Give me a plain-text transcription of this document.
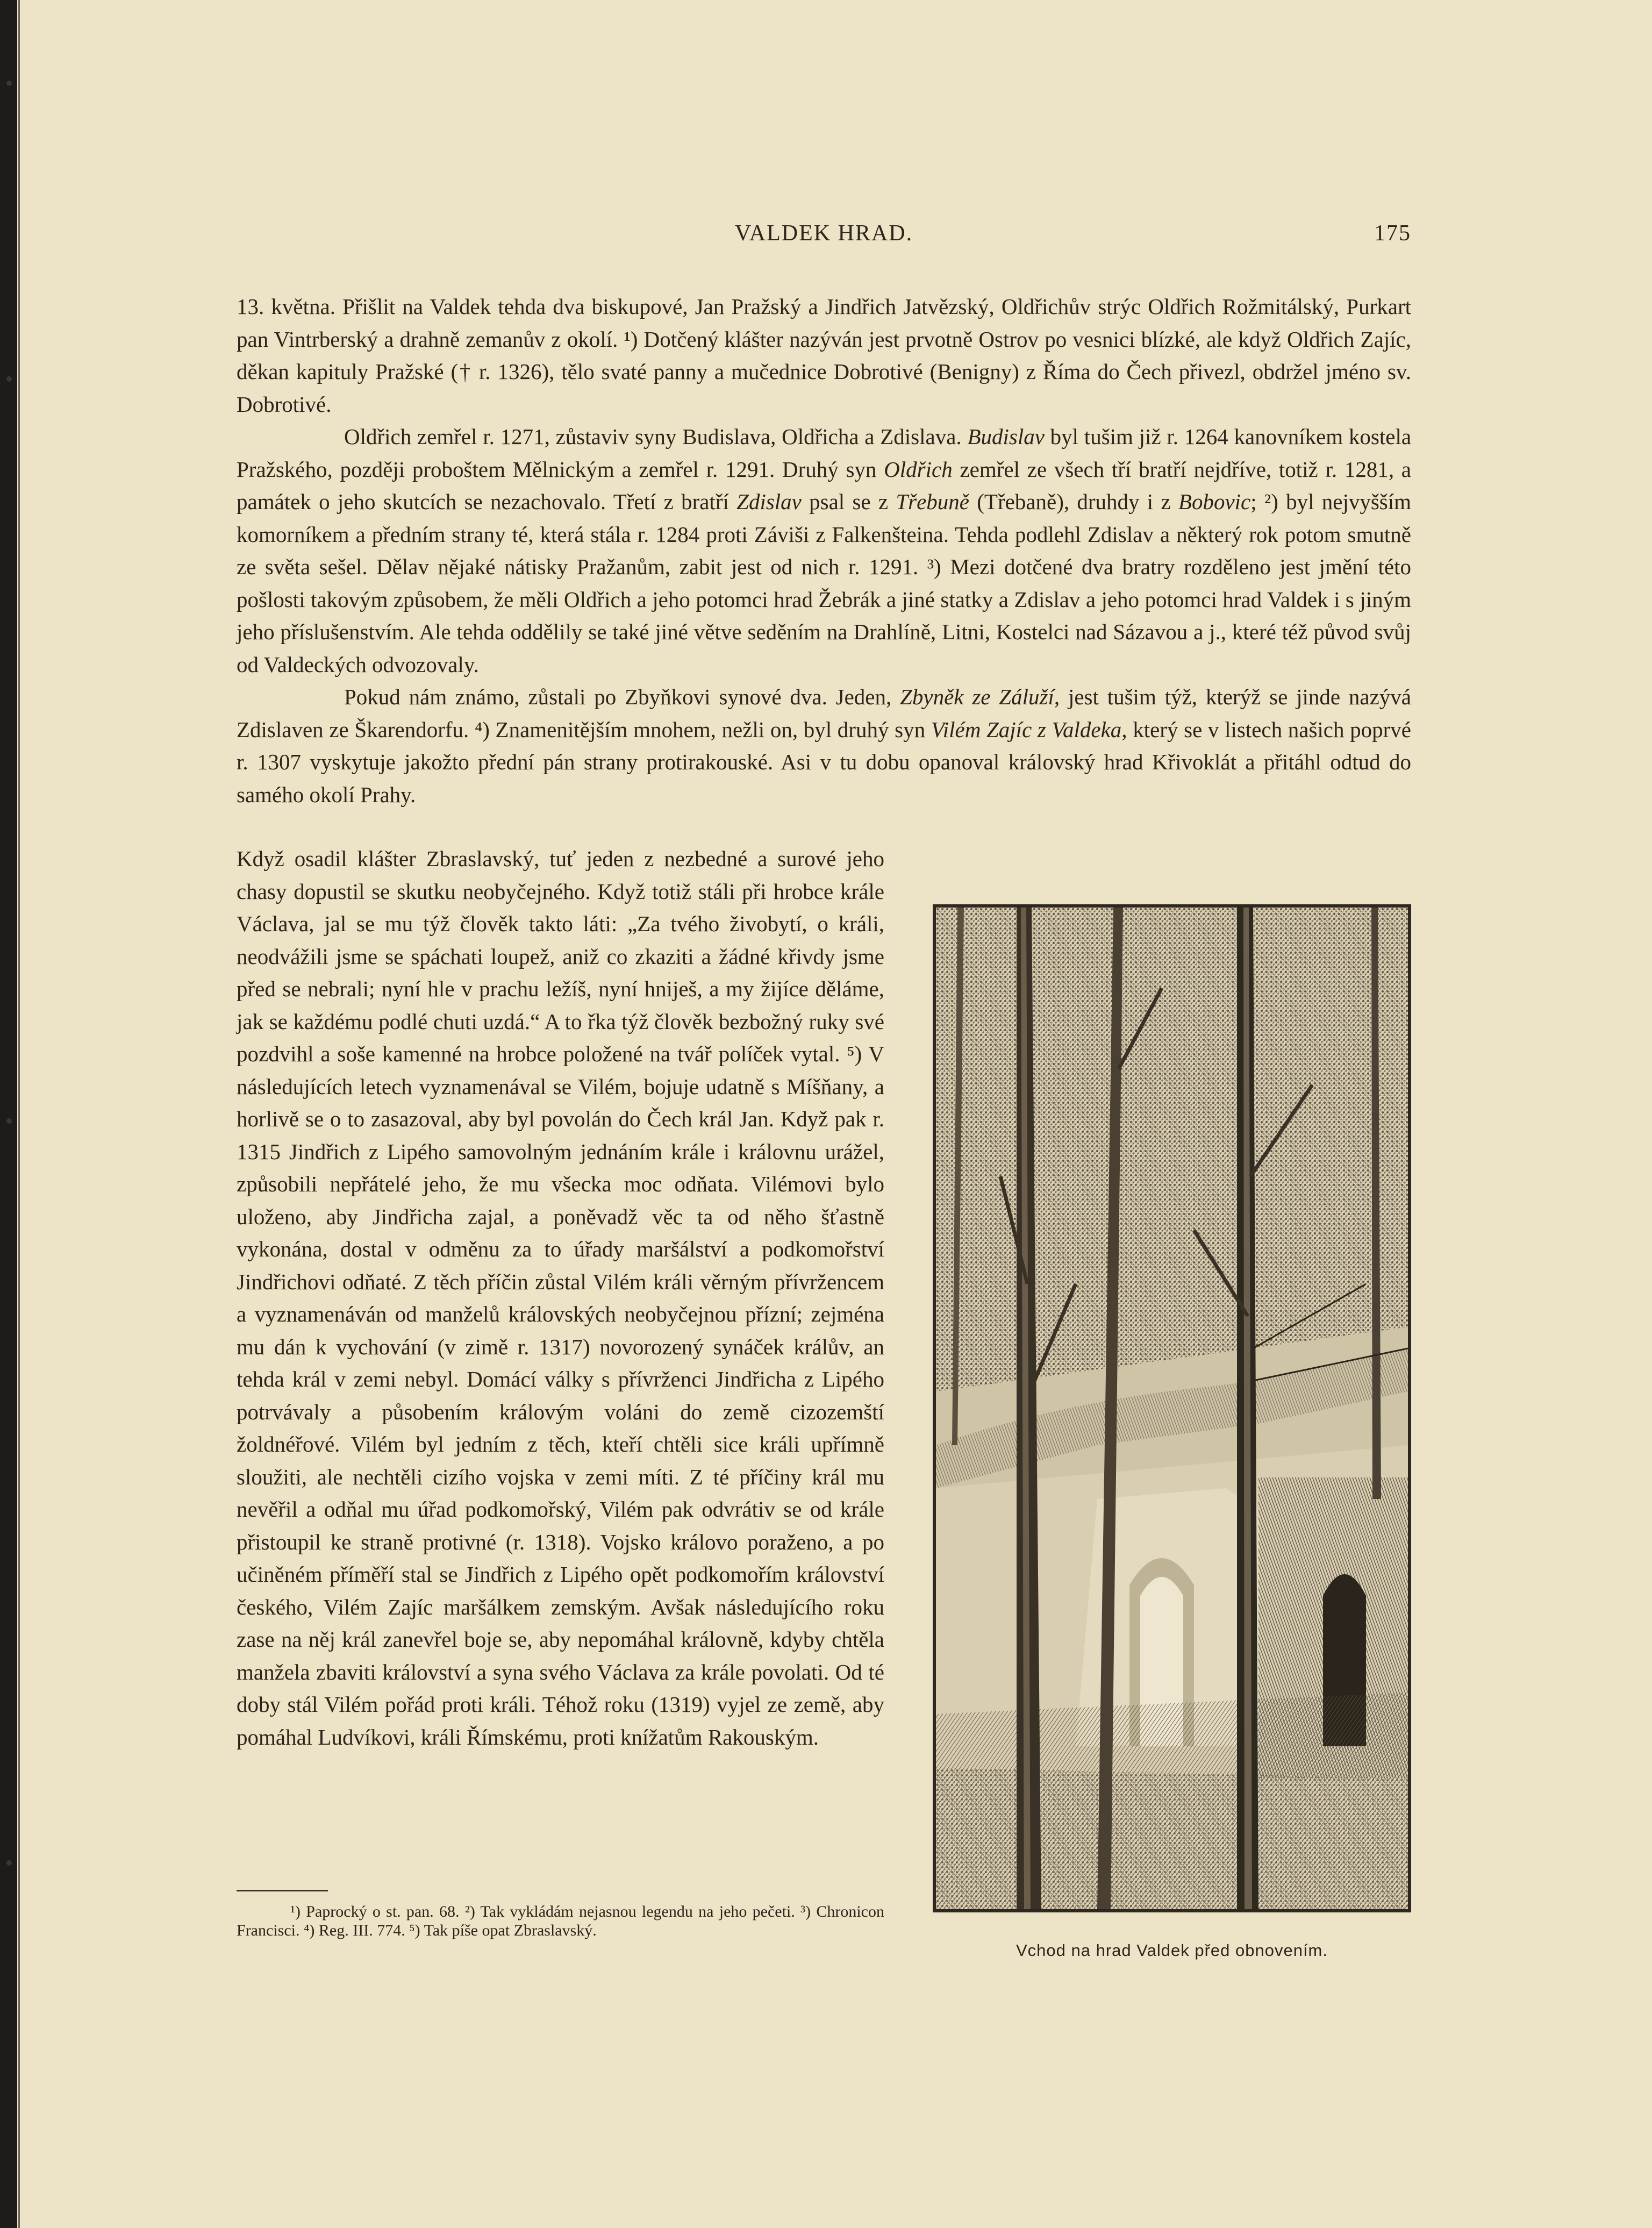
VALDEK HRAD.	175

13. května. Přišlit na Valdek tehda dva biskupové, Jan Pražský a Jindřich Jatvězský, Oldřichův strýc Oldřich Rožmitálský, Purkart pan Vintrberský a drahně zemanův z okolí. ¹) Dotčený klášter nazýván jest prvotně Ostrov po vesnici blízké, ale když Oldřich Zajíc, děkan kapituly Pražské († r. 1326), tělo svaté panny a mučednice Dobrotivé (Benigny) z Říma do Čech přivezl, obdržel jméno sv. Dobrotivé.

Oldřich zemřel r. 1271, zůstaviv syny Budislava, Oldřicha a Zdislava. Budislav byl tušim již r. 1264 kanovníkem kostela Pražského, později proboštem Mělnickým a zemřel r. 1291. Druhý syn Oldřich zemřel ze všech tří bratří nejdříve, totiž r. 1281, a památek o jeho skutcích se nezachovalo. Třetí z bratří Zdislav psal se z Třebuně (Třebaně), druhdy i z Bobovic; ²) byl nejvyšším komorníkem a předním strany té, která stála r. 1284 proti Záviši z Falkenšteina. Tehda podlehl Zdislav a některý rok potom smutně ze světa sešel. Dělav nějaké nátisky Pražanům, zabit jest od nich r. 1291. ³) Mezi dotčené dva bratry rozděleno jest jmění této pošlosti takovým způsobem, že měli Oldřich a jeho potomci hrad Žebrák a jiné statky a Zdislav a jeho potomci hrad Valdek i s jiným jeho příslušenstvím. Ale tehda oddělily se také jiné větve seděním na Drahlíně, Litni, Kostelci nad Sázavou a j., které též původ svůj od Valdeckých odvozovaly.

Pokud nám známo, zůstali po Zbyňkovi synové dva. Jeden, Zbyněk ze Záluží, jest tušim týž, kterýž se jinde nazývá Zdislaven ze Škarendorfu. ⁴) Znamenitějším mnohem, nežli on, byl druhý syn Vilém Zajíc z Valdeka, který se v listech našich poprvé r. 1307 vyskytuje jakožto přední pán strany protirakouské. Asi v tu dobu opanoval královský hrad Křivoklát a přitáhl odtud do samého okolí Prahy.

Když osadil klášter Zbraslavský, tuť jeden z nezbedné a surové jeho chasy dopustil se skutku neobyčejného. Když totiž stáli při hrobce krále Václava, jal se mu týž člověk takto láti: „Za tvého živobytí, o králi, neodvážili jsme se spáchati loupež, aniž co zkaziti a žádné křivdy jsme před se nebrali; nyní hle v prachu ležíš, nyní hniješ, a my žijíce děláme, jak se každému podlé chuti uzdá.“ A to řka týž člověk bezbožný ruky své pozdvihl a soše kamenné na hrobce položené na tvář políček vytal. ⁵) V následujících letech vyznamenával se Vilém, bojuje udatně s Míšňany, a horlivě se o to zasazoval, aby byl povolán do Čech král Jan. Když pak r. 1315 Jindřich z Lipého samovolným jednáním krále i královnu urážel, způsobili nepřátelé jeho, že mu všecka moc odňata. Vilémovi bylo uloženo, aby Jindřicha zajal, a poněvadž věc ta od něho šťastně vykonána, dostal v odměnu za to úřady maršálství a podkomořství Jindřichovi odňaté. Z těch příčin zůstal Vilém králi věrným přívržencem a vyznamenáván od manželů královských neobyčejnou přízní; zejména mu dán k vychování (v zimě r. 1317) novorozený synáček králův, an tehda král v zemi nebyl. Domácí války s přívrženci Jindřicha z Lipého potrvávaly a působením královým voláni do země cizozemští žoldnéřové. Vilém byl jedním z těch, kteří chtěli sice králi upřímně sloužiti, ale nechtěli cizího vojska v zemi míti. Z té příčiny král mu nevěřil a odňal mu úřad podkomořský, Vilém pak odvrátiv se od krále přistoupil ke straně protivné (r. 1318). Vojsko královo poraženo, a po učiněném příměří stal se Jindřich z Lipého opět podkomořím království českého, Vilém Zajíc maršálkem zemským. Avšak následujícího roku zase na něj král zanevřel boje se, aby nepomáhal královně, kdyby chtěla manžela zbaviti království a syna svého Václava za krále povolati. Od té doby stál Vilém pořád proti králi. Téhož roku (1319) vyjel ze země, aby pomáhal Ludvíkovi, králi Římskému, proti knížatům Rakouským.

¹) Paprocký o st. pan. 68. ²) Tak vykládám nejasnou legendu na jeho pečeti. ³) Chronicon Francisci. ⁴) Reg. III. 774. ⁵) Tak píše opat Zbraslavský.
Vchod na hrad Valdek před obnovením.
